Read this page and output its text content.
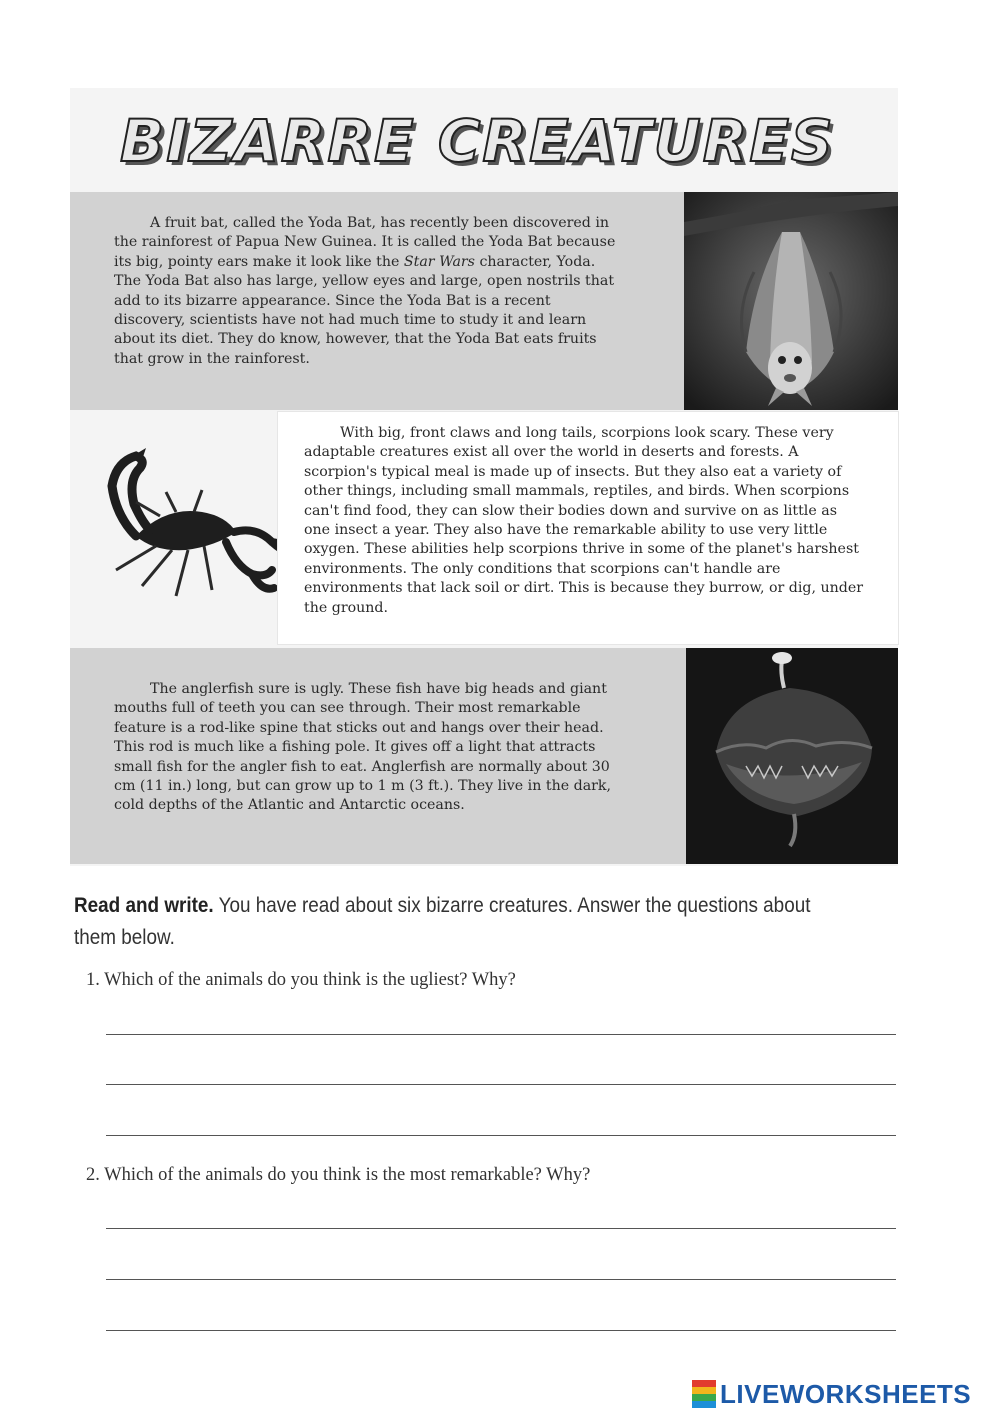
BIZARRE CREATURES

A fruit bat, called the Yoda Bat, has recently been discovered in the rainforest of Papua New Guinea. It is called the Yoda Bat because its big, pointy ears make it look like the Star Wars character, Yoda. The Yoda Bat also has large, yellow eyes and large, open nostrils that add to its bizarre appearance. Since the Yoda Bat is a recent discovery, scientists have not had much time to study it and learn about its diet. They do know, however, that the Yoda Bat eats fruits that grow in the rainforest.

With big, front claws and long tails, scorpions look scary. These very adaptable creatures exist all over the world in deserts and forests. A scorpion's typical meal is made up of insects. But they also eat a variety of other things, including small mammals, reptiles, and birds. When scorpions can't find food, they can slow their bodies down and survive on as little as one insect a year. They also have the remarkable ability to use very little oxygen. These abilities help scorpions thrive in some of the planet's harshest environments. The only conditions that scorpions can't handle are environments that lack soil or dirt. This is because they burrow, or dig, under the ground.

The anglerfish sure is ugly. These fish have big heads and giant mouths full of teeth you can see through. Their most remarkable feature is a rod-like spine that sticks out and hangs over their head. This rod is much like a fishing pole. It gives off a light that attracts small fish for the angler fish to eat. Anglerfish are normally about 30 cm (11 in.) long, but can grow up to 1 m (3 ft.). They live in the dark, cold depths of the Atlantic and Antarctic oceans.

Read and write. You have read about six bizarre creatures. Answer the questions about them below.

1. Which of the animals do you think is the ugliest? Why?

2. Which of the animals do you think is the most remarkable? Why?

LIVEWORKSHEETS
